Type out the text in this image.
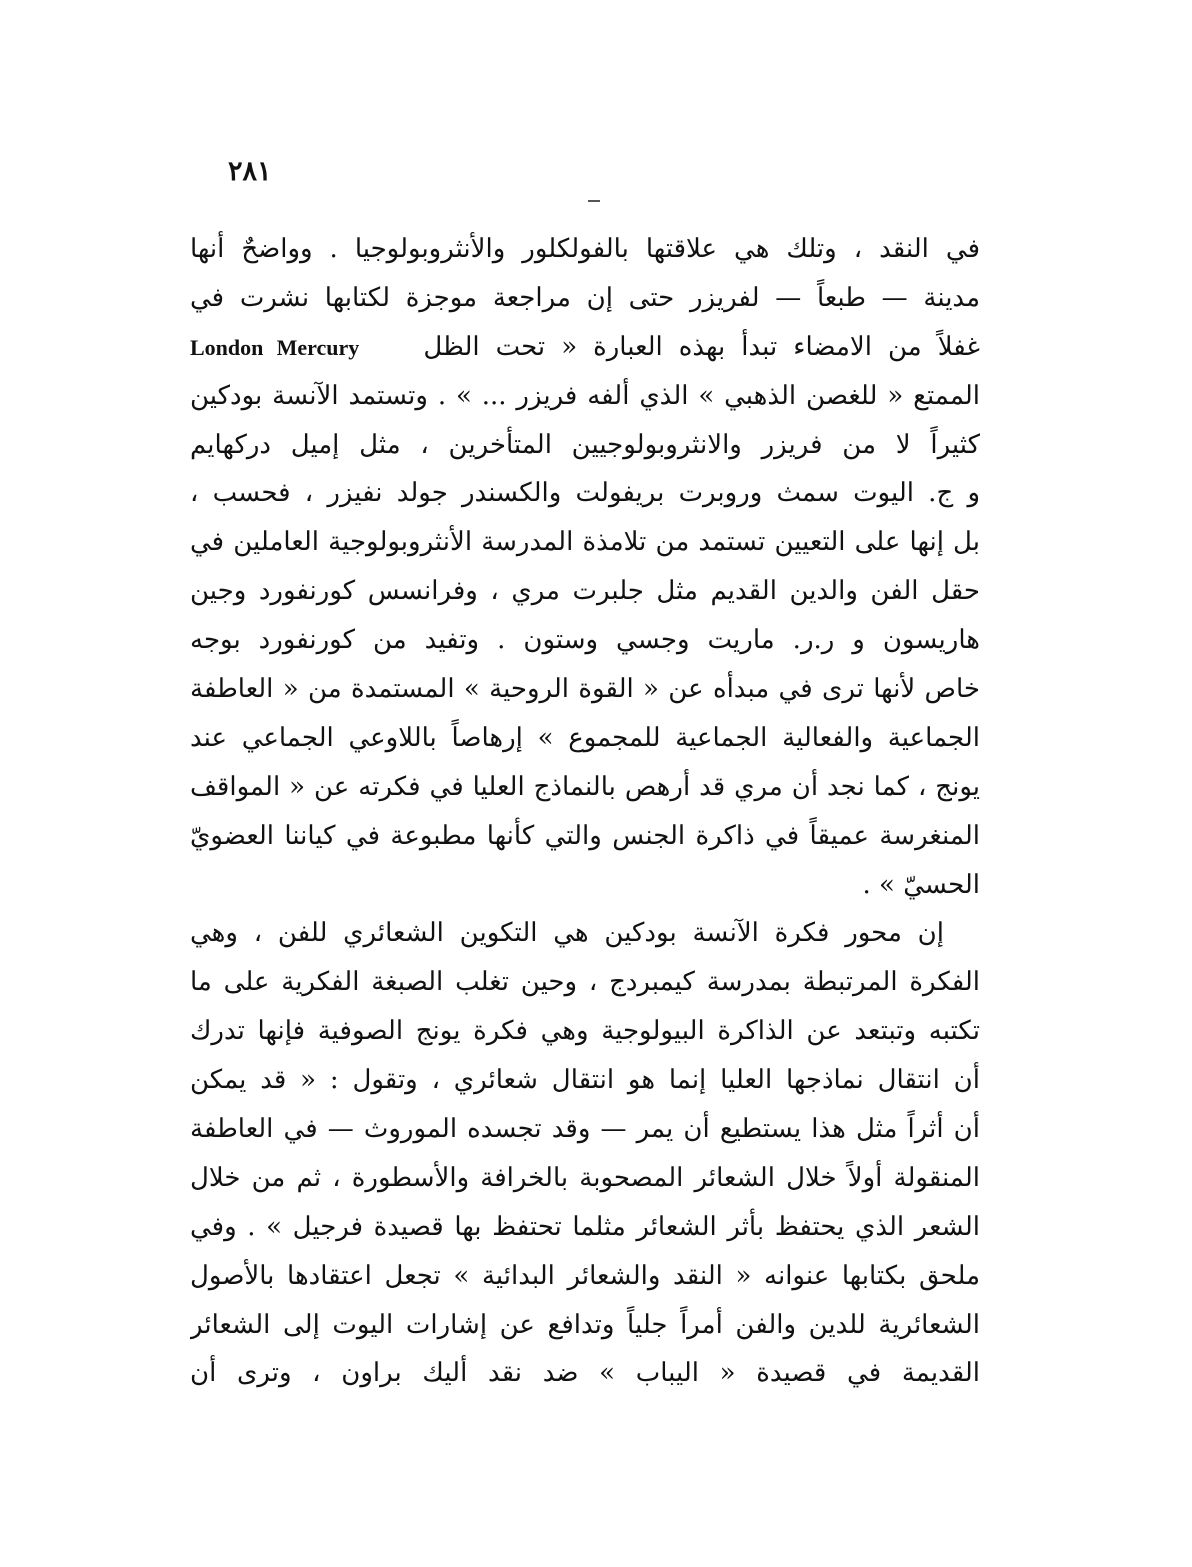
٢٨١
في النقد ، وتلك هي علاقتها بالفولكلور والأنثروبولوجيا . وواضحٌ أنها
مدينة — طبعاً — لفريزر حتى إن مراجعة موجزة لكتابها نشرت في
غفلاً من الامضاء تبدأ بهذه العبارة « تحت الظل    London Mercury
الممتع « للغصن الذهبي » الذي ألفه فريزر ... » . وتستمد الآنسة بودكين
كثيراً لا من فريزر والانثروبولوجيين المتأخرين ، مثل إميل دركهايم
و ج. اليوت سمث وروبرت بريفولت والكسندر جولد نفيزر ، فحسب ،
بل إنها على التعيين تستمد من تلامذة المدرسة الأنثروبولوجية العاملين في
حقل الفن والدين القديم مثل جلبرت مري ، وفرانسس كورنفورد وجين
هاريسون و ر.ر. ماريت وجسي وستون . وتفيد من كورنفورد بوجه
خاص لأنها ترى في مبدأه عن « القوة الروحية » المستمدة من « العاطفة
الجماعية والفعالية الجماعية للمجموع » إرهاصاً باللاوعي الجماعي عند
يونج ، كما نجد أن مري قد أرهص بالنماذج العليا في فكرته عن « المواقف
المنغرسة عميقاً في ذاكرة الجنس والتي كأنها مطبوعة في كياننا العضويّ
الحسيّ » .
إن محور فكرة الآنسة بودكين هي التكوين الشعائري للفن ، وهي
الفكرة المرتبطة بمدرسة كيمبردج ، وحين تغلب الصبغة الفكرية على ما
تكتبه وتبتعد عن الذاكرة البيولوجية وهي فكرة يونج الصوفية فإنها تدرك
أن انتقال نماذجها العليا إنما هو انتقال شعائري ، وتقول : « قد يمكن
أن أثراً مثل هذا يستطيع أن يمر — وقد تجسده الموروث — في العاطفة
المنقولة أولاً خلال الشعائر المصحوبة بالخرافة والأسطورة ، ثم من خلال
الشعر الذي يحتفظ بأثر الشعائر مثلما تحتفظ بها قصيدة فرجيل » . وفي
ملحق بكتابها عنوانه « النقد والشعائر البدائية » تجعل اعتقادها بالأصول
الشعائرية للدين والفن أمراً جلياً وتدافع عن إشارات اليوت إلى الشعائر
القديمة في قصيدة « اليباب » ضد نقد أليك براون ، وترى أن
